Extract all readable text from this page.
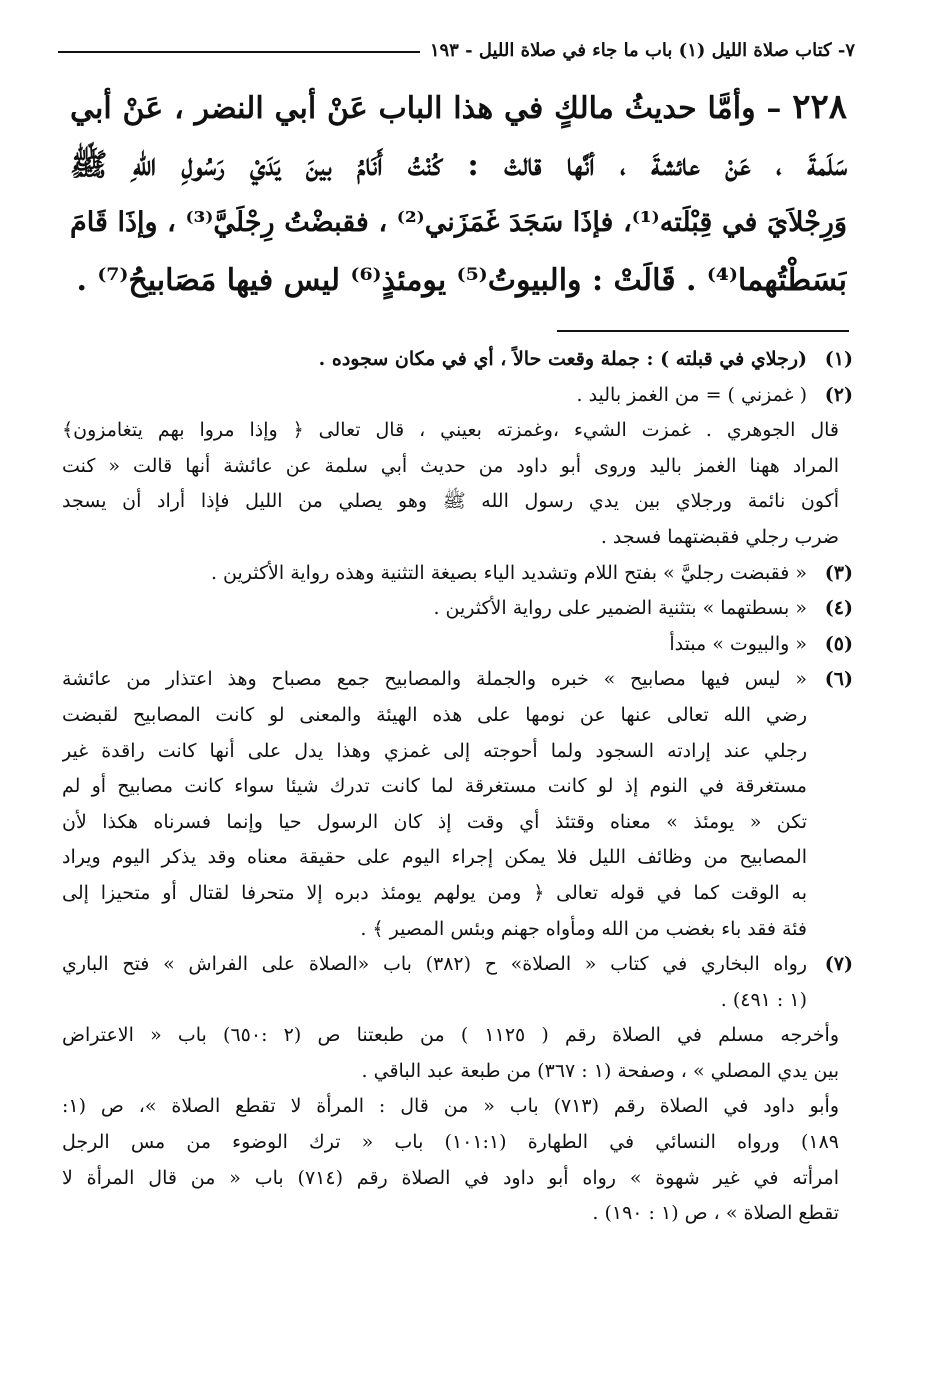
٧- كتاب صلاة الليل (١) باب ما جاء في صلاة الليل - ١٩٣
٢٢٨ – وأمَّا حديثُ مالكٍ في هذا الباب عَنْ أبي النضر ، عَنْ أبي
سَلَمةَ ، عَنْ عائشةَ ، أنَّها قالتْ : كُنْتُ أَنَامُ بينَ يَدَيْ رَسُولِ اللهِ ﷺ
وَرِجْلاَيَ في قِبْلَته⁽¹⁾، فإذَا سَجَدَ غَمَزَني⁽²⁾ ، فقبضْتُ رِجْلَيَّ⁽³⁾ ، وإذَا قَامَ
بَسَطْتُهما⁽⁴⁾ . قَالَتْ : والبيوتُ⁽⁵⁾ يومئذٍ⁽⁶⁾ ليس فيها مَصَابيحُ⁽⁷⁾ .
(١)
(رجلاي في قبلته ) : جملة وقعت حالاً ، أي في مكان سجوده .
(٢)
( غمزني ) = من الغمز باليد .
قال الجوهري . غمزت الشيء ،وغمزته بعيني ، قال تعالى ﴿ وإذا مروا بهم يتغامزون﴾
المراد ههنا الغمز باليد وروى أبو داود من حديث أبي سلمة عن عائشة أنها قالت « كنت
أكون نائمة ورجلاي بين يدي رسول الله ﷺ وهو يصلي من الليل فإذا أراد أن يسجد
ضرب رجلي فقبضتهما فسجد .
(٣)
« فقبضت رجليَّ » بفتح اللام وتشديد الياء بصيغة التثنية وهذه رواية الأكثرين .
(٤)
« بسطتهما » بتثنية الضمير على رواية الأكثرين .
(٥)
« والبيوت » مبتدأ
(٦)
« ليس فيها مصابيح » خبره والجملة والمصابيح جمع مصباح وهذ اعتذار من عائشة
رضي الله تعالى عنها عن نومها على هذه الهيئة والمعنى لو كانت المصابيح لقبضت
رجلي عند إرادته السجود ولما أحوجته إلى غمزي وهذا يدل على أنها كانت راقدة غير
مستغرقة في النوم إذ لو كانت مستغرقة لما كانت تدرك شيئا سواء كانت مصابيح أو لم
تكن « يومئذ » معناه وقتئذ أي وقت إذ كان الرسول حيا وإنما فسرناه هكذا لأن
المصابيح من وظائف الليل فلا يمكن إجراء اليوم على حقيقة معناه وقد يذكر اليوم ويراد
به الوقت كما في قوله تعالى ﴿ ومن يولهم يومئذ دبره إلا متحرفا لقتال أو متحيزا إلى
فئة فقد باء بغضب من الله ومأواه جهنم وبئس المصير ﴾ .
(٧)
رواه البخاري في كتاب « الصلاة» ح (٣٨٢) باب «الصلاة على الفراش » فتح الباري
(١ : ٤٩١) .
وأخرجه مسلم في الصلاة رقم ( ١١٢٥ ) من طبعتنا ص (٢ :٦٥٠) باب « الاعتراض
بين يدي المصلي » ، وصفحة (١ : ٣٦٧) من طبعة عبد الباقي .
وأبو داود في الصلاة رقم (٧١٣) باب « من قال : المرأة لا تقطع الصلاة »، ص (١:
١٨٩) ورواه النسائي في الطهارة (١٠١:١) باب « ترك الوضوء من مس الرجل
امرأته في غير شهوة » رواه أبو داود في الصلاة رقم (٧١٤) باب « من قال المرأة لا
تقطع الصلاة » ، ص (١ : ١٩٠) .
